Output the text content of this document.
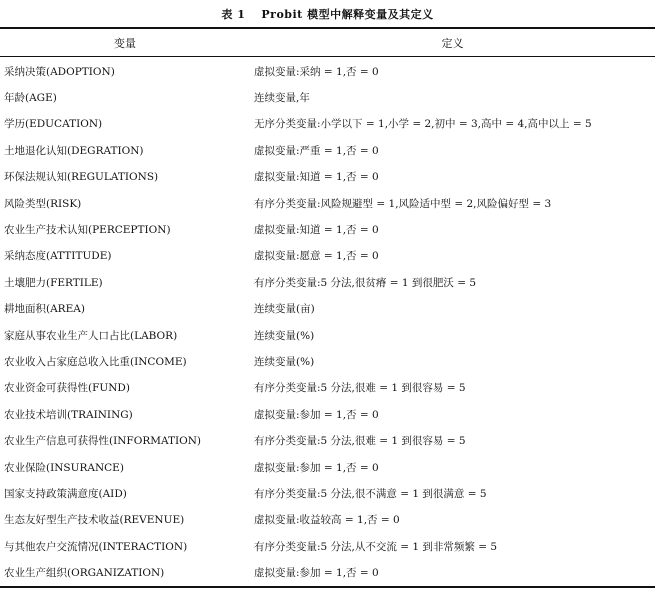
表 1 Probit 模型中解释变量及其定义
变量	定义
采纳决策(ADOPTION)	虚拟变量:采纳 = 1,否 = 0
年龄(AGE)	连续变量,年
学历(EDUCATION)	无序分类变量:小学以下 = 1,小学 = 2,初中 = 3,高中 = 4,高中以上 = 5
土地退化认知(DEGRATION)	虚拟变量:严重 = 1,否 = 0
环保法规认知(REGULATIONS)	虚拟变量:知道 = 1,否 = 0
风险类型(RISK)	有序分类变量:风险规避型 = 1,风险适中型 = 2,风险偏好型 = 3
农业生产技术认知(PERCEPTION)	虚拟变量:知道 = 1,否 = 0
采纳态度(ATTITUDE)	虚拟变量:愿意 = 1,否 = 0
土壤肥力(FERTILE)	有序分类变量:5 分法,很贫瘠 = 1 到很肥沃 = 5
耕地面积(AREA)	连续变量(亩)
家庭从事农业生产人口占比(LABOR)	连续变量(%)
农业收入占家庭总收入比重(INCOME)	连续变量(%)
农业资金可获得性(FUND)	有序分类变量:5 分法,很难 = 1 到很容易 = 5
农业技术培训(TRAINING)	虚拟变量:参加 = 1,否 = 0
农业生产信息可获得性(INFORMATION)	有序分类变量:5 分法,很难 = 1 到很容易 = 5
农业保险(INSURANCE)	虚拟变量:参加 = 1,否 = 0
国家支持政策满意度(AID)	有序分类变量:5 分法,很不满意 = 1 到很满意 = 5
生态友好型生产技术收益(REVENUE)	虚拟变量:收益较高 = 1,否 = 0
与其他农户交流情况(INTERACTION)	有序分类变量:5 分法,从不交流 = 1 到非常频繁 = 5
农业生产组织(ORGANIZATION)	虚拟变量:参加 = 1,否 = 0
